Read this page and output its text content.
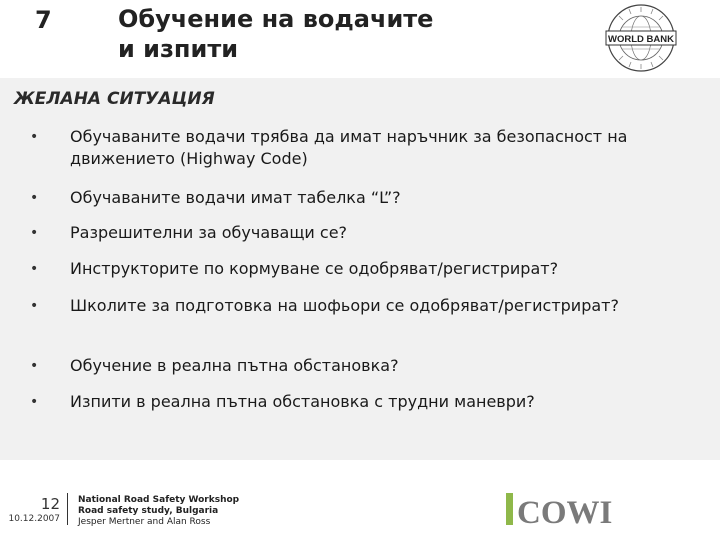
7	Обучение на водачите
и изпити	WORLD BANK
ЖЕЛАНА СИТУАЦИЯ
• Обучаваните водачи трябва да имат наръчник за безопасност на движението (Highway Code)
• Обучаваните водачи имат табелка “L”?
• Разрешителни за обучаващи се?
• Инструкторите по кормуване се одобряват/регистрират?
• Школите за подготовка на шофьори се одобряват/регистрират?
• Обучение в реална пътна обстановка?
• Изпити в реална пътна обстановка с трудни маневри?
12
10.12.2007
National Road Safety Workshop
Road safety study, Bulgaria
Jesper Mertner and Alan Ross	COWI
